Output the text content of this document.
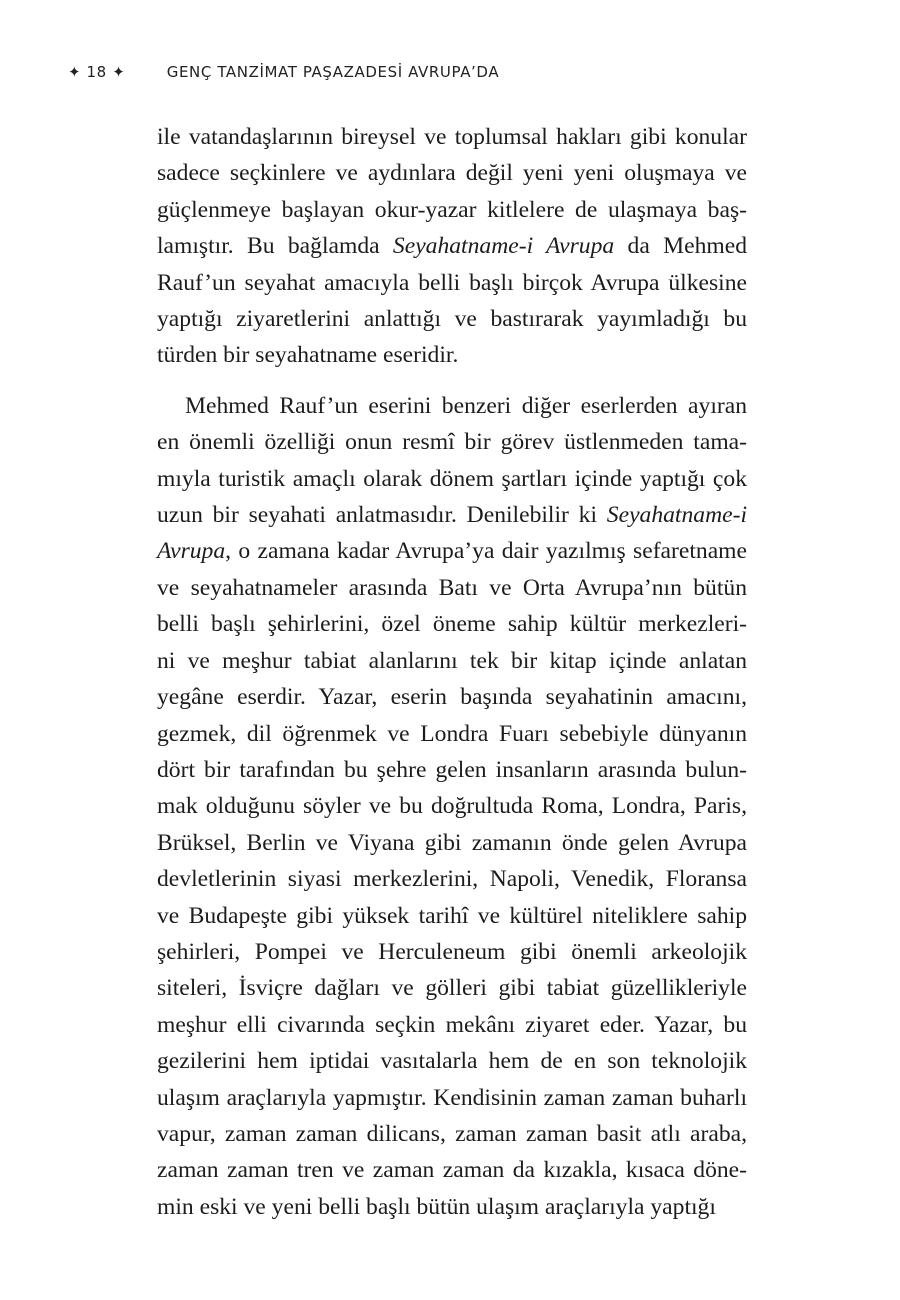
✦ 18 ✦	GENÇ TANZİMAT PAŞAZADESİ AVRUPA’DA
ile vatandaşlarının bireysel ve toplumsal hakları gibi konular
sadece seçkinlere ve aydınlara değil yeni yeni oluşmaya ve
güçlenmeye başlayan okur-yazar kitlelere de ulaşmaya baş-
lamıştır. Bu bağlamda Seyahatname-i Avrupa da Mehmed
Rauf’un seyahat amacıyla belli başlı birçok Avrupa ülkesine
yaptığı ziyaretlerini anlattığı ve bastırarak yayımladığı bu
türden bir seyahatname eseridir.
Mehmed Rauf’un eserini benzeri diğer eserlerden ayıran
en önemli özelliği onun resmî bir görev üstlenmeden tama-
mıyla turistik amaçlı olarak dönem şartları içinde yaptığı çok
uzun bir seyahati anlatmasıdır. Denilebilir ki Seyahatname-i
Avrupa, o zamana kadar Avrupa’ya dair yazılmış sefaretname
ve seyahatnameler arasında Batı ve Orta Avrupa’nın bütün
belli başlı şehirlerini, özel öneme sahip kültür merkezleri-
ni ve meşhur tabiat alanlarını tek bir kitap içinde anlatan
yegâne eserdir. Yazar, eserin başında seyahatinin amacını,
gezmek, dil öğrenmek ve Londra Fuarı sebebiyle dünyanın
dört bir tarafından bu şehre gelen insanların arasında bulun-
mak olduğunu söyler ve bu doğrultuda Roma, Londra, Paris,
Brüksel, Berlin ve Viyana gibi zamanın önde gelen Avrupa
devletlerinin siyasi merkezlerini, Napoli, Venedik, Floransa
ve Budapeşte gibi yüksek tarihî ve kültürel niteliklere sahip
şehirleri, Pompei ve Herculeneum gibi önemli arkeolojik
siteleri, İsviçre dağları ve gölleri gibi tabiat güzellikleriyle
meşhur elli civarında seçkin mekânı ziyaret eder. Yazar, bu
gezilerini hem iptidai vasıtalarla hem de en son teknolojik
ulaşım araçlarıyla yapmıştır. Kendisinin zaman zaman buharlı
vapur, zaman zaman dilicans, zaman zaman basit atlı araba,
zaman zaman tren ve zaman zaman da kızakla, kısaca döne-
min eski ve yeni belli başlı bütün ulaşım araçlarıyla yaptığı
